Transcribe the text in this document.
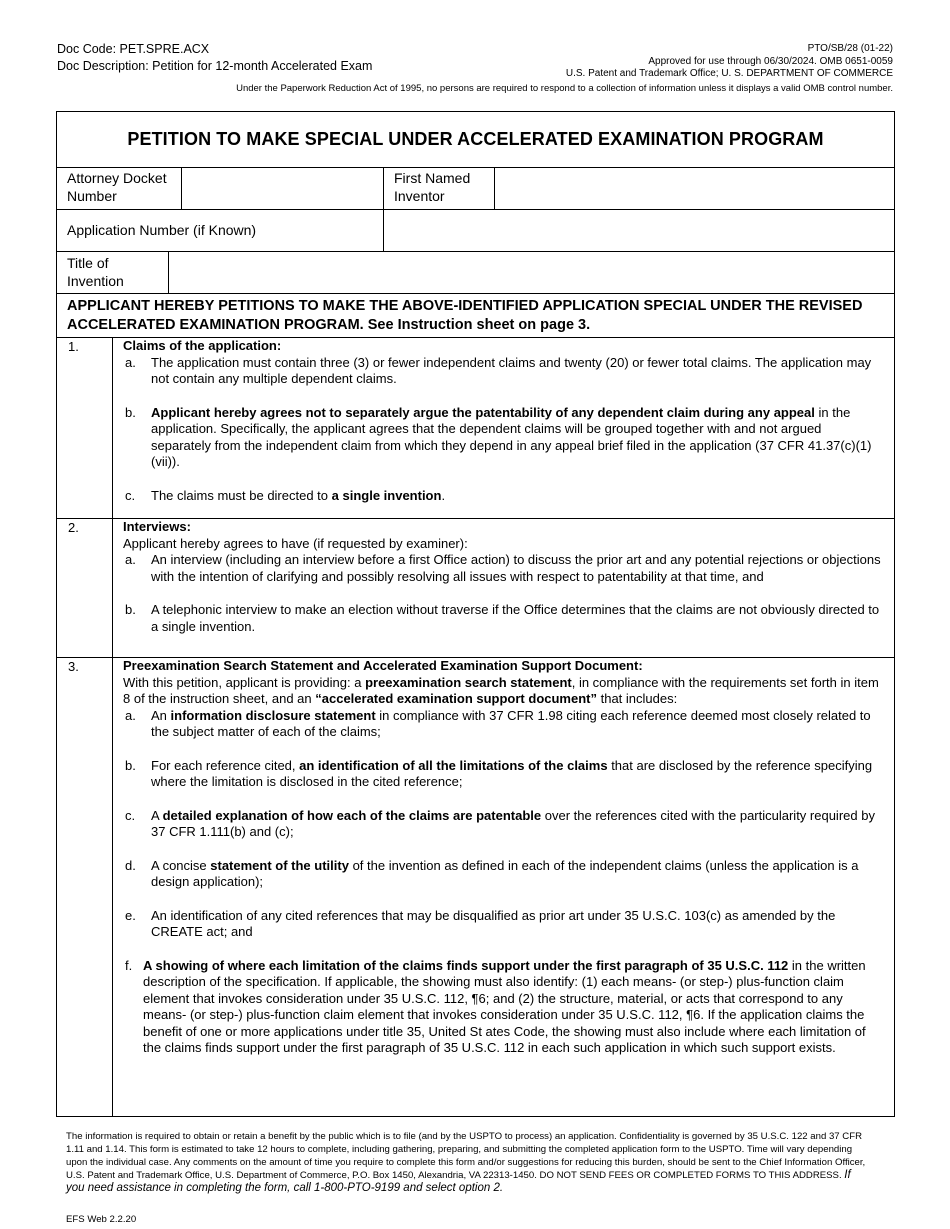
Doc Code: PET.SPRE.ACX
Doc Description: Petition for 12-month Accelerated Exam
PTO/SB/28 (01-22)
Approved for use through 06/30/2024. OMB 0651-0059
U.S. Patent and Trademark Office; U. S. DEPARTMENT OF COMMERCE
Under the Paperwork Reduction Act of 1995, no persons are required to respond to a collection of information unless it displays a valid OMB control number.
PETITION TO MAKE SPECIAL UNDER ACCELERATED EXAMINATION PROGRAM
Attorney Docket Number
First Named Inventor
Application Number (if Known)
Title of Invention
APPLICANT HEREBY PETITIONS TO MAKE THE ABOVE-IDENTIFIED APPLICATION SPECIAL UNDER THE REVISED ACCELERATED EXAMINATION PROGRAM. See Instruction sheet on page 3.
1.	Claims of the application:
a. The application must contain three (3) or fewer independent claims and twenty (20) or fewer total claims. The application may not contain any multiple dependent claims.
b. Applicant hereby agrees not to separately argue the patentability of any dependent claim during any appeal in the application. Specifically, the applicant agrees that the dependent claims will be grouped together with and not argued separately from the independent claim from which they depend in any appeal brief filed in the application (37 CFR 41.37(c)(1)(vii)).
c. The claims must be directed to a single invention.
2.	Interviews:
Applicant hereby agrees to have (if requested by examiner):
a. An interview (including an interview before a first Office action) to discuss the prior art and any potential rejections or objections with the intention of clarifying and possibly resolving all issues with respect to patentability at that time, and
b. A telephonic interview to make an election without traverse if the Office determines that the claims are not obviously directed to a single invention.
3.	Preexamination Search Statement and Accelerated Examination Support Document:
With this petition, applicant is providing: a preexamination search statement, in compliance with the requirements set forth in item 8 of the instruction sheet, and an “accelerated examination support document” that includes:
a. An information disclosure statement in compliance with 37 CFR 1.98 citing each reference deemed most closely related to the subject matter of each of the claims;
b. For each reference cited, an identification of all the limitations of the claims that are disclosed by the reference specifying where the limitation is disclosed in the cited reference;
c. A detailed explanation of how each of the claims are patentable over the references cited with the particularity required by 37 CFR 1.111(b) and (c);
d. A concise statement of the utility of the invention as defined in each of the independent claims (unless the application is a design application);
e. An identification of any cited references that may be disqualified as prior art under 35 U.S.C. 103(c) as amended by the CREATE act; and
f. A showing of where each limitation of the claims finds support under the first paragraph of 35 U.S.C. 112 in the written description of the specification. If applicable, the showing must also identify: (1) each means- (or step-) plus-function claim element that invokes consideration under 35 U.S.C. 112, ¶6; and (2) the structure, material, or acts that correspond to any means- (or step-) plus-function claim element that invokes consideration under 35 U.S.C. 112, ¶6. If the application claims the benefit of one or more applications under title 35, United St ates Code, the showing must also include where each limitation of the claims finds support under the first paragraph of 35 U.S.C. 112 in each such application in which such support exists.
The information is required to obtain or retain a benefit by the public which is to file (and by the USPTO to process) an application. Confidentiality is governed by 35 U.S.C. 122 and 37 CFR 1.11 and 1.14. This form is estimated to take 12 hours to complete, including gathering, preparing, and submitting the completed application form to the USPTO. Time will vary depending upon the individual case. Any comments on the amount of time you require to complete this form and/or suggestions for reducing this burden, should be sent to the Chief Information Officer, U.S. Patent and Trademark Office, U.S. Department of Commerce, P.O. Box 1450, Alexandria, VA 22313-1450. DO NOT SEND FEES OR COMPLETED FORMS TO THIS ADDRESS. If you need assistance in completing the form, call 1-800-PTO-9199 and select option 2.
EFS Web 2.2.20
